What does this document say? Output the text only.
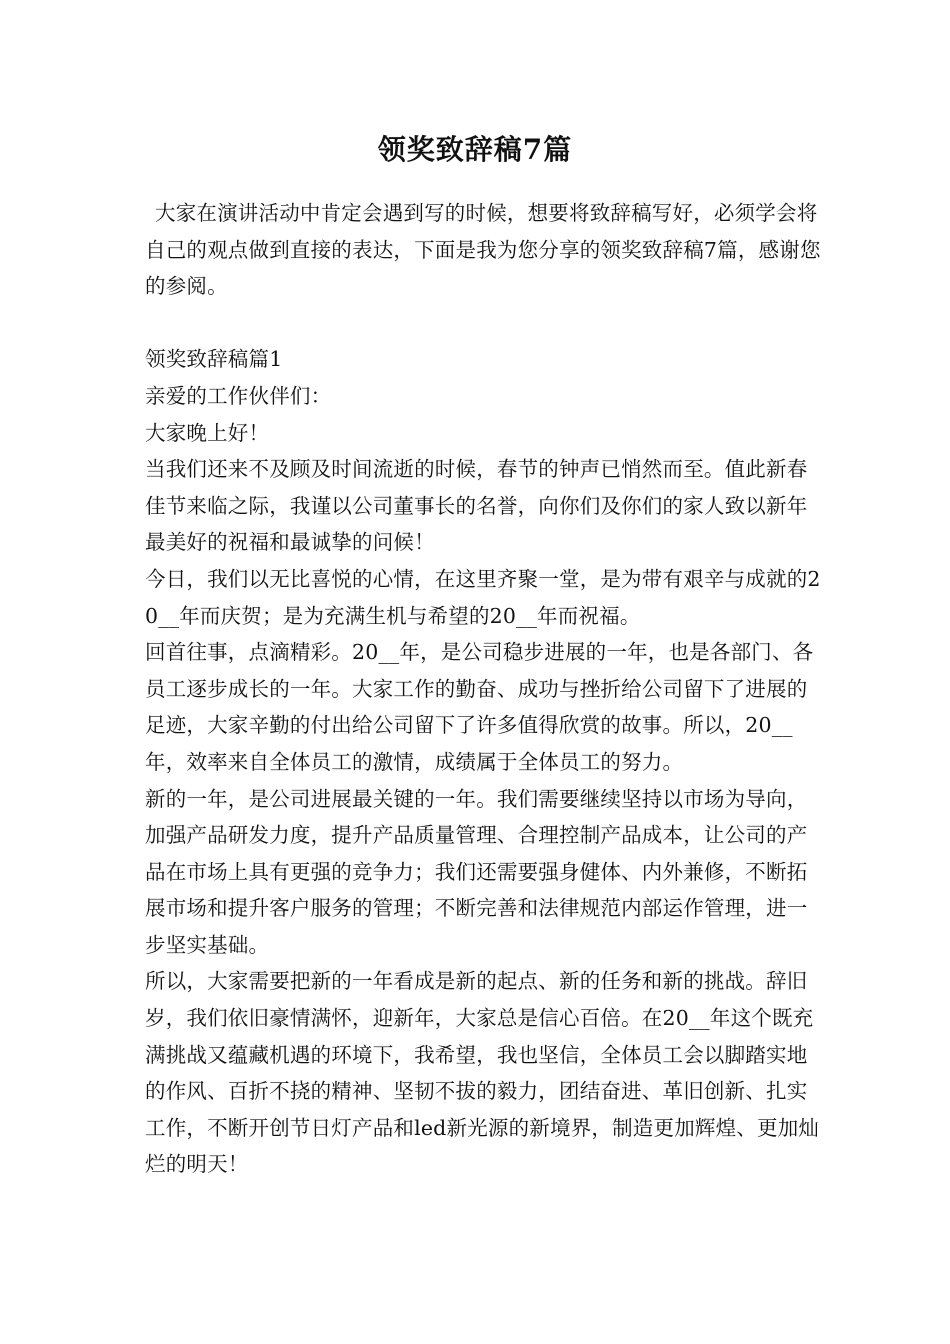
领奖致辞稿7篇

大家在演讲活动中肯定会遇到写的时候，想要将致辞稿写好，必须学会将自己的观点做到直接的表达，下面是我为您分享的领奖致辞稿7篇，感谢您的参阅。

领奖致辞稿篇1

亲爱的工作伙伴们：

大家晚上好！

当我们还来不及顾及时间流逝的时候，春节的钟声已悄然而至。值此新春佳节来临之际，我谨以公司董事长的名誉，向你们及你们的家人致以新年最美好的祝福和最诚挚的问候！

今日，我们以无比喜悦的心情，在这里齐聚一堂，是为带有艰辛与成就的20__年而庆贺；是为充满生机与希望的20__年而祝福。

回首往事，点滴精彩。20__年，是公司稳步进展的一年，也是各部门、各员工逐步成长的一年。大家工作的勤奋、成功与挫折给公司留下了进展的足迹，大家辛勤的付出给公司留下了许多值得欣赏的故事。所以，20__年，效率来自全体员工的激情，成绩属于全体员工的努力。

新的一年，是公司进展最关键的一年。我们需要继续坚持以市场为导向，加强产品研发力度，提升产品质量管理、合理控制产品成本，让公司的产品在市场上具有更强的竞争力；我们还需要强身健体、内外兼修，不断拓展市场和提升客户服务的管理；不断完善和法律规范内部运作管理，进一步坚实基础。

所以，大家需要把新的一年看成是新的起点、新的任务和新的挑战。辞旧岁，我们依旧豪情满怀，迎新年，大家总是信心百倍。在20__年这个既充满挑战又蕴藏机遇的环境下，我希望，我也坚信，全体员工会以脚踏实地的作风、百折不挠的精神、坚韧不拔的毅力，团结奋进、革旧创新、扎实工作，不断开创节日灯产品和led新光源的新境界，制造更加辉煌、更加灿烂的明天！
